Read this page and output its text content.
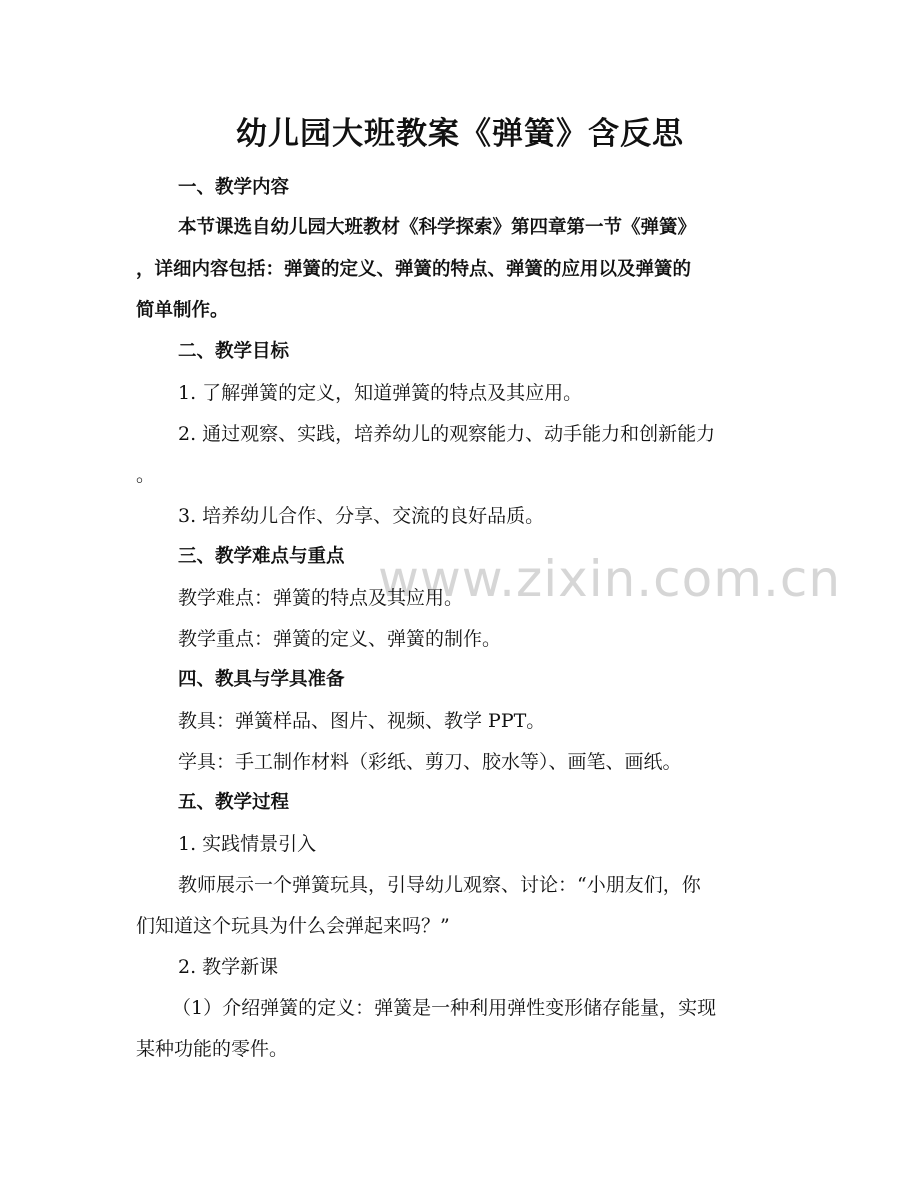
www.zixin.com.cn
幼儿园大班教案《弹簧》含反思
一、教学内容
本节课选自幼儿园大班教材《科学探索》第四章第一节《弹簧》
，详细内容包括：弹簧的定义、弹簧的特点、弹簧的应用以及弹簧的
简单制作。
二、教学目标
1. 了解弹簧的定义，知道弹簧的特点及其应用。
2. 通过观察、实践，培养幼儿的观察能力、动手能力和创新能力
。
3. 培养幼儿合作、分享、交流的良好品质。
三、教学难点与重点
教学难点：弹簧的特点及其应用。
教学重点：弹簧的定义、弹簧的制作。
四、教具与学具准备
教具：弹簧样品、图片、视频、教学 PPT。
学具：手工制作材料（彩纸、剪刀、胶水等）、画笔、画纸。
五、教学过程
1. 实践情景引入
教师展示一个弹簧玩具，引导幼儿观察、讨论：“小朋友们，你
们知道这个玩具为什么会弹起来吗？”
2. 教学新课
（1）介绍弹簧的定义：弹簧是一种利用弹性变形储存能量，实现
某种功能的零件。
